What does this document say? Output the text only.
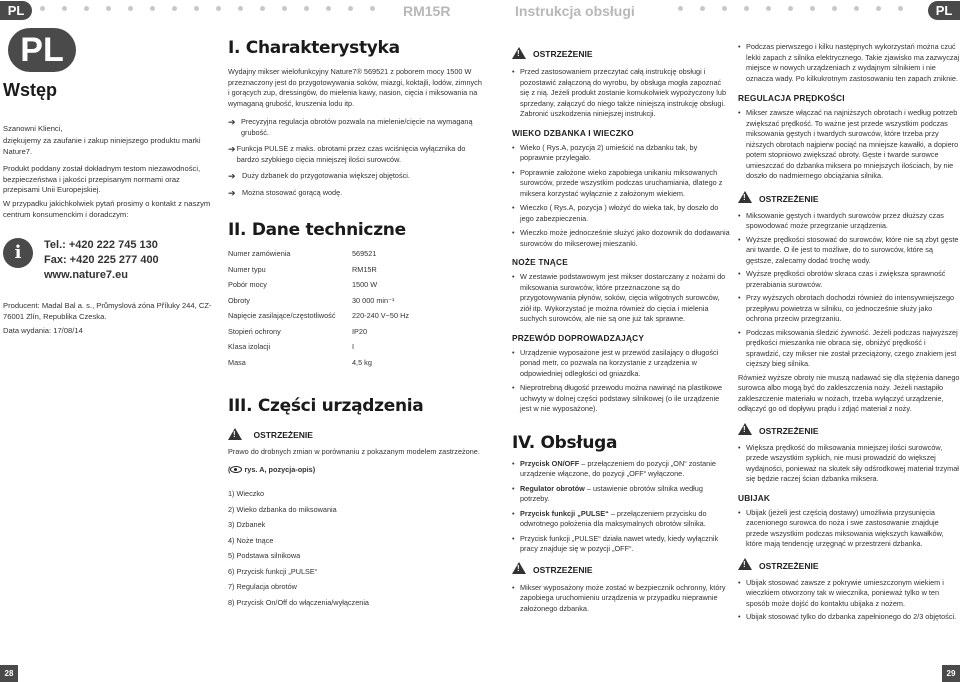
PL	RM15R	Instrukcja obsługi	PL
PL
Wstęp
Szanowni Klienci,
dziękujemy za zaufanie i zakup niniejszego produktu marki Nature7.
Produkt poddany został dokładnym testom niezawodności, bezpieczeństwa i jakości przepisanym normami oraz przepisami Unii Europejskiej.
W przypadku jakichkolwiek pytań prosimy o kontakt z naszym centrum konsumenckim i doradczym:
i	Tel.: +420 222 745 130
Fax: +420 225 277 400
www.nature7.eu
Producent: Madal Bal a. s., Průmyslová zóna Příluky 244, CZ-76001 Zlín, Republika Czeska.
Data wydania: 17/08/14
I. Charakterystyka
Wydajny mikser wielofunkcyjny Nature7® 569521 z poborem mocy 1500 W przeznaczony jest do przygotowywania soków, miazgi, koktajli, lodów, zimnych i gorących zup, dressingów, do mielenia kawy, nasion, cięcia i miksowania na wymaganą grubość, kruszenia lodu itp.
➔ Precyzyjna regulacja obrotów pozwala na mielenie/cięcie na wymaganą grubość.
➔ Funkcja PULSE z maks. obrotami przez czas wciśnięcia wyłącznika do bardzo szybkiego cięcia mniejszej ilości surowców.
➔ Duży dzbanek do przygotowania większej objętości.
➔ Można stosować gorącą wodę.
II. Dane techniczne
Numer zamówienia	569521
Numer typu	RM15R
Pobór mocy	1500 W
Obroty	30 000 min⁻¹
Napięcie zasilające/częstotliwość	220-240 V~50 Hz
Stopień ochrony	IP20
Klasa izolacji	I
Masa	4,5 kg
III. Części urządzenia
! OSTRZEŻENIE
Prawo do drobnych zmian w porównaniu z pokazanym modelem zastrzeżone.
( rys. A, pozycja-opis)
1) Wieczko
2) Wieko dzbanka do miksowania
3) Dzbanek
4) Noże tnące
5) Podstawa silnikowa
6) Przycisk funkcji „PULSE“
7) Regulacja obrotów
8) Przycisk On/Off do włączenia/wyłączenia
!OSTRZEŻENIE
• Przed zastosowaniem przeczytać całą instrukcję obsługi i pozostawić załączoną do wyrobu, by obsługa mogła zapoznać się z nią. Jeżeli produkt zostanie komukolwiek wypożyczony lub sprzedany, załączyć do niego także niniejszą instrukcję obsługi. Zabronić uszkodzenia niniejszej instrukcji.
WIEKO DZBANKA I WIECZKO
• Wieko ( Rys.A, pozycja 2) umieścić na dzbanku tak, by poprawnie przylegało.
• Poprawnie założone wieko zapobiega unikaniu miksowanych surowców, przede wszystkim podczas uruchamiania, dlatego z miksera korzystać wyłącznie z założonym wiekiem.
• Wieczko ( Rys.A, pozycja ) włożyć do wieka tak, by doszło do jego zabezpieczenia.
• Wieczko może jednocześnie służyć jako dozownik do dodawania surowców do mikserowej mieszanki.
NOŻE TNĄCE
• W zestawie podstawowym jest mikser dostarczany z nożami do miksowania surowców, które przeznaczone są do przygotowywania płynów, soków, cięcia wilgotnych surowców, ziół itp. Wykorzystać je można również do cięcia i mielenia suchych surowców, ale nie są one już tak sprawne.
PRZEWÓD DOPROWADZAJĄCY
• Urządzenie wyposażone jest w przewód zasilający o długości ponad metr, co pozwala na korzystanie z urządzenia w odpowiedniej odległości od gniazdka.
• Nieprotrebną długość przewodu można nawinąć na plastikowe uchwyty w dolnej części podstawy silnikowej (o ile urządzenie jest w nie wyposażone).
IV. Obsługa
• Przycisk ON/OFF – przełączeniem do pozycji „ON“ zostanie urządzenie włączone, do pozycji „OFF“ wyłączone.
• Regulator obrotów – ustawienie obrotów silnika według potrzeby.
• Przycisk funkcji „PULSE“ – przełączeniem przycisku do odwrotnego położenia dla maksymalnych obrotów silnika.
• Przycisk funkcji „PULSE“ działa nawet wtedy, kiedy wyłącznik pracy znajduje się w pozycji „OFF“.
!OSTRZEŻENIE
• Mikser wyposażony może zostać w bezpiecznik ochronny, który zapobiega uruchomieniu urządzenia w przypadku nieprawnie założonego dzbanka.
• Podczas pierwszego i kilku następnych wykorzystań można czuć lekki zapach z silnika elektrycznego. Takie zjawisko ma zazwyczaj miejsce w nowych urządzeniach z wydajnym silnikiem i nie oznacza wady. Po kilkukrotnym zastosowaniu ten zapach zniknie.
REGULACJA PRĘDKOŚCI
• Mikser zawsze włączać na najniższych obrotach i według potrzeb zwiększać prędkość. To ważne jest przede wszystkim podczas miksowania gęstych i twardych surowców, które trzeba przy niższych obrotach najpierw pociąć na mniejsze kawałki, a dopiero potem stopniowo zwiększać obroty. Gęste i twarde surowce umieszczać do dzbanka miksera po mniejszych ilościach, by nie doszło do nadmiernego obciążania silnika.
!OSTRZEŻENIE
• Miksowanie gęstych i twardych surowców przez dłuższy czas spowodować może przegrzanie urządzenia.
• Wyższe prędkości stosować do surowców, które nie są zbyt gęste ani twarde. O ile jest to możliwe, do to surowców, które są gęstsze, zalecamy dodać trochę wody.
• Wyższe prędkości obrotów skraca czas i zwiększa sprawność przerabiania surowców.
• Przy wyższych obrotach dochodzi również do intensywniejszego przepływu powietrza w silniku, co jednocześnie służy jako ochrona przeciw przegrzaniu.
• Podczas miksowania śledzić żywność. Jeżeli podczas najwyższej prędkości mieszanka nie obraca się, obniżyć prędkość i sprawdzić, czy mikser nie został przeciążony, czego znakiem jest cięższy bieg silnika.
Również wyższe obroty nie muszą nadawać się dla stężenia danego surowca albo mogą być do zakleszczenia noży. Jeżeli nastąpiło zakleszczenie materiału w nożach, trzeba wyłączyć urządzenie, odłączyć go od dopływu prądu i zdjąć materiał z noży.
!OSTRZEŻENIE
• Większa prędkość do miksowania mniejszej ilości surowców, przede wszystkim sypkich, nie musi prowadzić do większej wydajności, ponieważ na skutek siły odśrodkowej materiał trzymał się będzie raczej ścian dzbanka miksera.
UBIJAK
• Ubijak (jeżeli jest częścią dostawy) umożliwia przysunięcia zacenionego surowca do noża i swe zastosowanie znajduje przede wszystkim podczas miksowania większych kawałków, które mają tendencję urzęgnąć w przestrzeni dzbanka.
!OSTRZEŻENIE
• Ubijak stosować zawsze z pokrywie umieszczonym wiekiem i wieczkiem otworzony tak w wiecznika, ponieważ tylko w ten sposób może dojść do kontaktu ubijaka z nożem.
• Ubijak stosować tylko do dzbanka zapełnionego do 2/3 objętości.
28	29
